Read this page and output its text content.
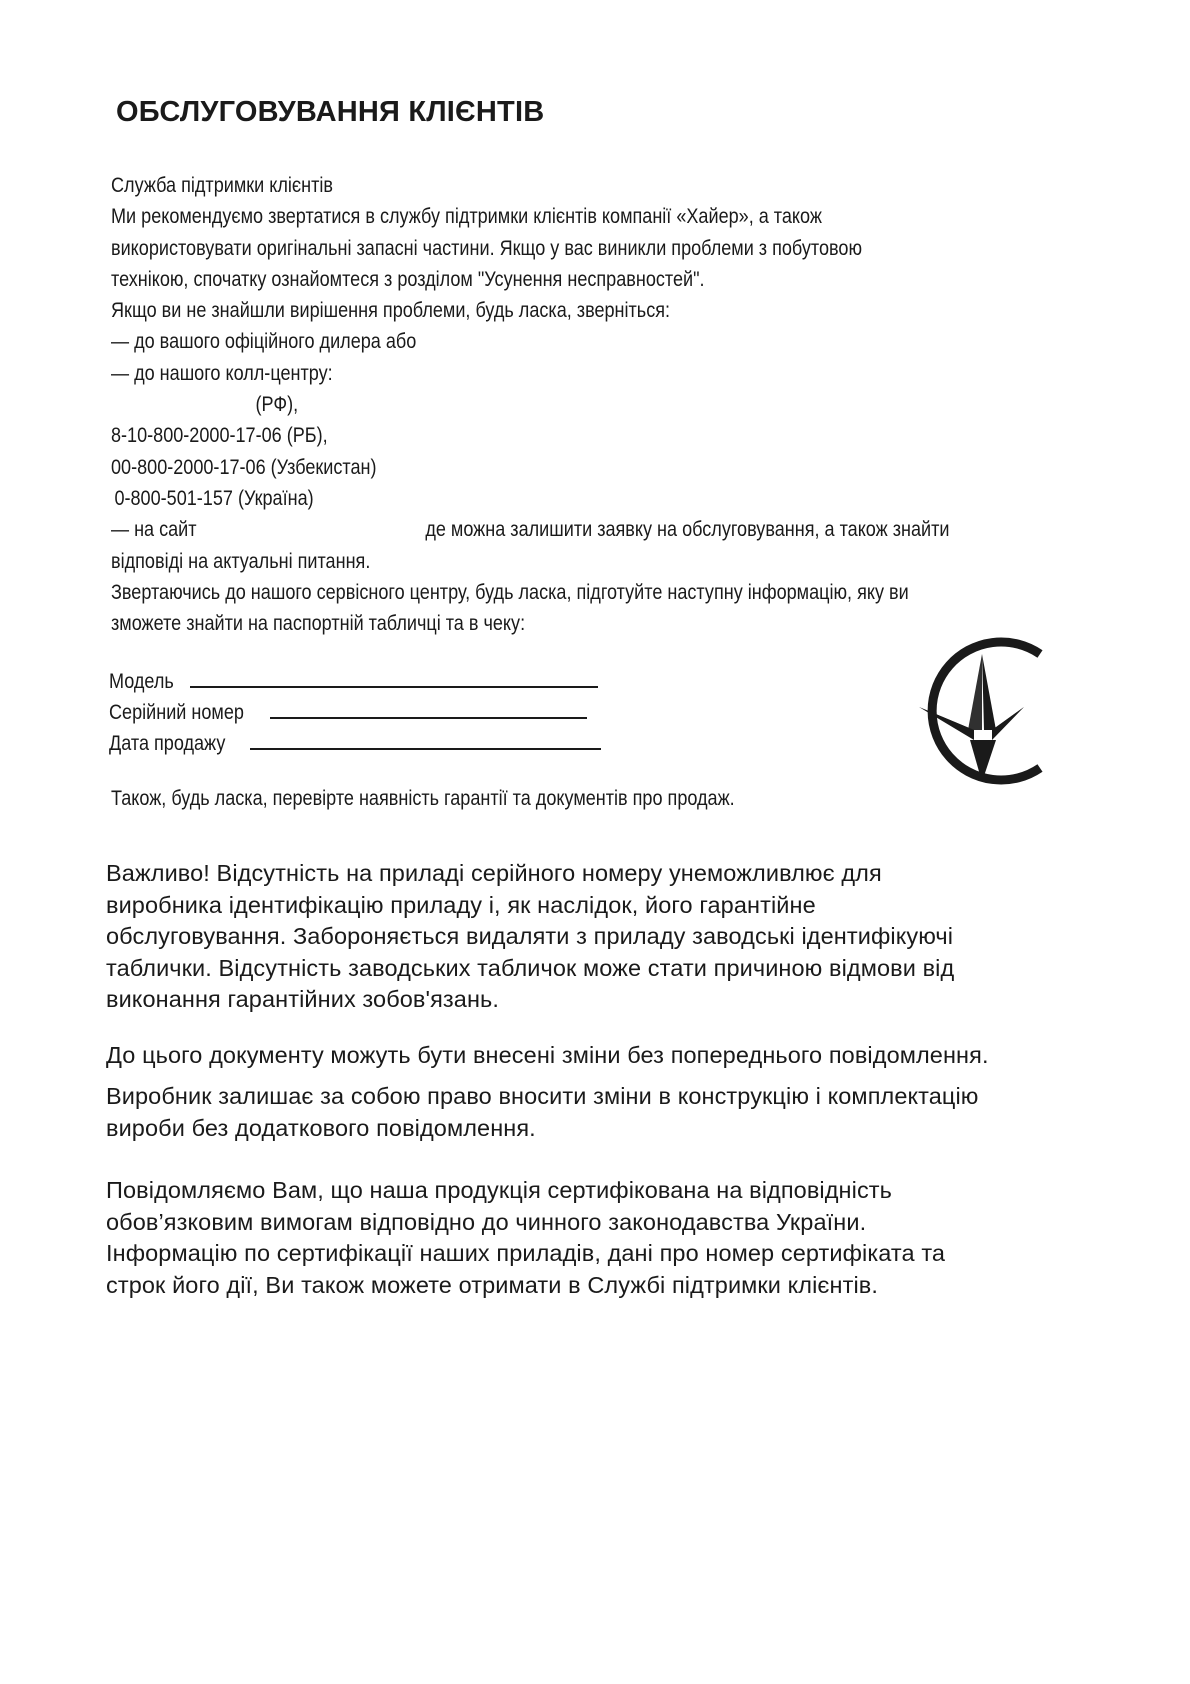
ОБСЛУГОВУВАННЯ КЛІЄНТІВ
Служба підтримки клієнтів
Ми рекомендуємо звертатися в службу підтримки клієнтів компанії «Хайер», а також
використовувати оригінальні запасні частини. Якщо у вас виникли проблеми з побутовою
технікою, спочатку ознайомтеся з розділом "Усунення несправностей".
Якщо ви не знайшли вирішення проблеми, будь ласка, зверніться:
— до вашого офіційного дилера або
— до нашого колл-центру:
(РФ),
8-10-800-2000-17-06 (РБ),
00-800-2000-17-06 (Узбекистан)
0-800-501-157 (Україна)
— на сайт	де можна залишити заявку на обслуговування, а також знайти
відповіді на актуальні питання.
Звертаючись до нашого сервісного центру, будь ласка, підготуйте наступну інформацію, яку ви
зможете знайти на паспортній табличці та в чеку:
Модель
Серійний номер
Дата продажу
Також, будь ласка, перевірте наявність гарантії та документів про продаж.
Важливо! Відсутність на приладі серійного номеру унеможливлює для
виробника ідентифікацію приладу і, як наслідок, його гарантійне
обслуговування. Забороняється видаляти з приладу заводські ідентифікуючі
таблички. Відсутність заводських табличок може стати причиною відмови від
виконання гарантійних зобов'язань.
До цього документу можуть бути внесені зміни без попереднього повідомлення.
Виробник залишає за собою право вносити зміни в конструкцію і комплектацію
вироби без додаткового повідомлення.
Повідомляємо Вам, що наша продукція сертифікована на відповідність
обов’язковим вимогам відповідно до чинного законодавства України.
Інформацію по сертифікації наших приладів, дані про номер сертифіката та
строк його дії, Ви також можете отримати в Службі підтримки клієнтів.
